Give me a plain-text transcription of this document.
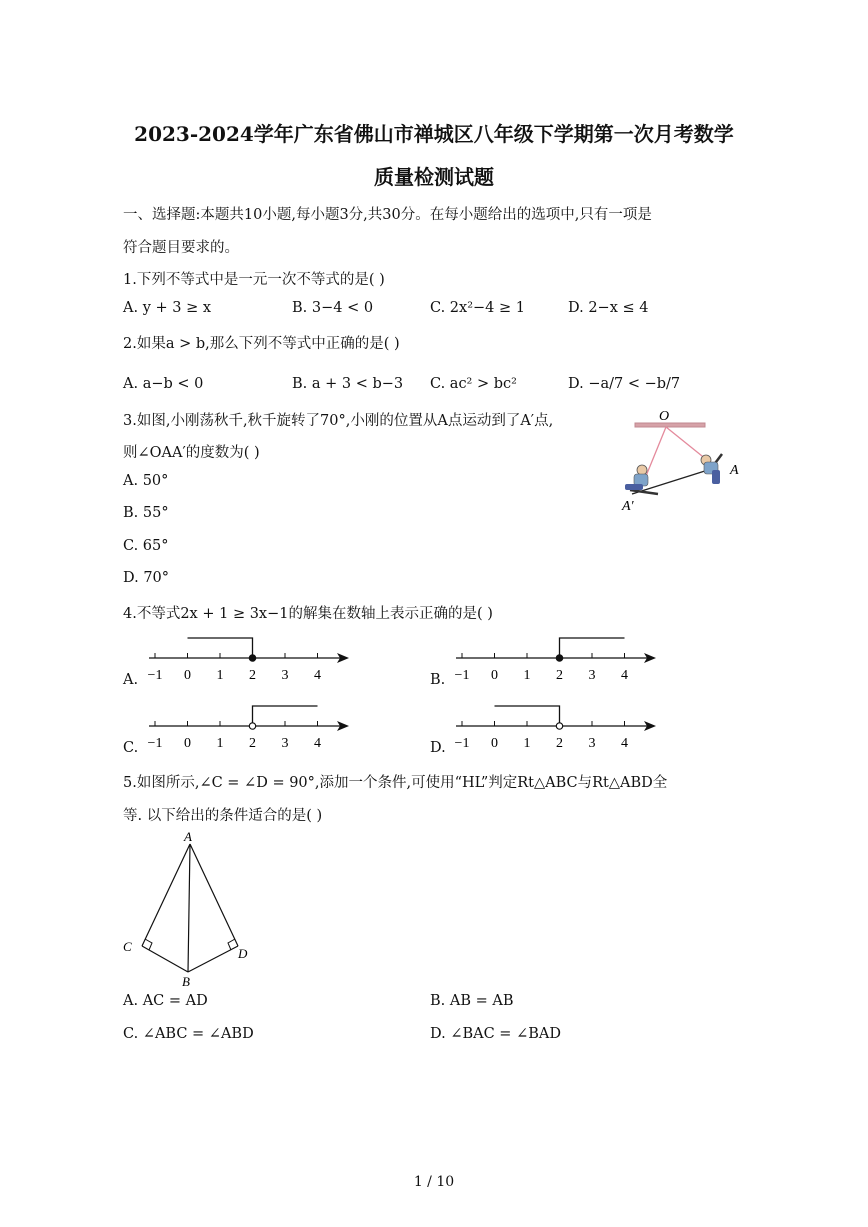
2023-2024学年广东省佛山市禅城区八年级下学期第一次月考数学
质量检测试题
一、选择题:本题共10小题,每小题3分,共30分。在每小题给出的选项中,只有一项是
符合题目要求的。
1.下列不等式中是一元一次不等式的是( )
A. y + 3 ≥ x	B. 3−4 < 0	C. 2x²−4 ≥ 1	D. 2−x ≤ 4
2.如果a > b,那么下列不等式中正确的是( )
A. a−b < 0	B. a + 3 < b−3 C. ac² > bc²	D. −a/7 < −b/7
3.如图,小刚荡秋千,秋千旋转了70°,小刚的位置从A点运动到了A′点,
则∠OAA′的度数为( )
A. 50°
B. 55°
C. 65°
D. 70°
O
A
A′
4.不等式2x + 1 ≥ 3x−1的解集在数轴上表示正确的是( )
A. −1 0 1 2 3 4	B. −1 0 1 2 3 4
C. −1 0 1 2 3 4	D. −1 0 1 2 3 4
5.如图所示,∠C = ∠D = 90°,添加一个条件,可使用“HL”判定Rt△ABC与Rt△ABD全
等. 以下给出的条件适合的是( )
A
B
C	D
A. AC = AD	B. AB = AB
C. ∠ABC = ∠ABD	D. ∠BAC = ∠BAD
1 / 10
